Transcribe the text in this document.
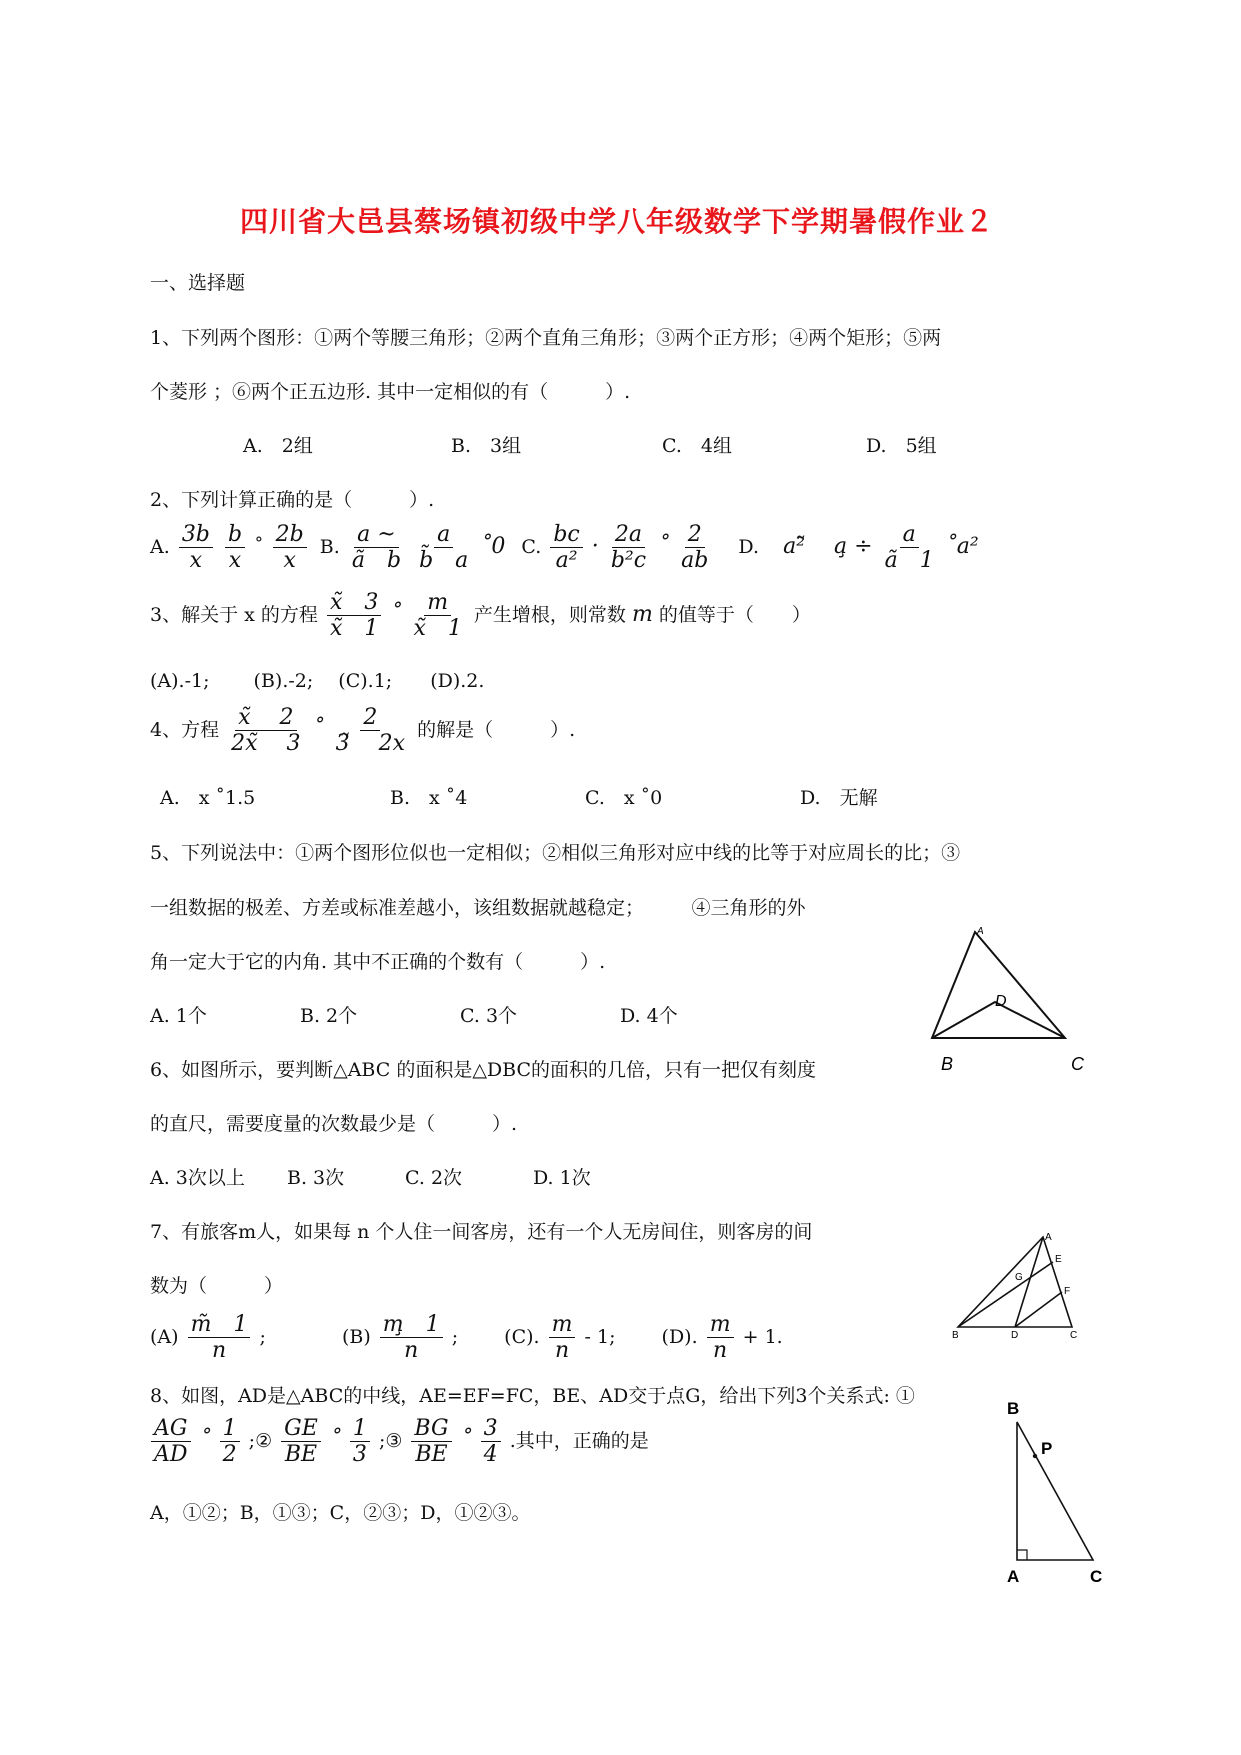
四川省大邑县蔡场镇初级中学八年级数学下学期暑假作业２
一、选择题
1、下列两个图形：①两个等腰三角形；②两个直角三角形；③两个正方形；④两个矩形；⑤两
个菱形 ；⑥两个正五边形. 其中一定相似的有（　　　）.
A.　2组	B.　3组	C.　4组	D.　5组
2、下列计算正确的是（　　　）.
A. $\frac{3b}{x}$
$\frac{b}{x}$ ˚ $\frac{2b}{x} B$. $\frac{a \sim}{\text{ã　b}}$
$\frac{a}{b̃ a}$ ˚0 C. $\frac{bc}{\text{a²}} \cdot \frac{2a}{\text{b²c}}$ ˚ $\frac{2}{ab} D$. a²̃　 a̧ ÷ $\frac{a}{ã 1}$ ˚a²
3、解关于 x 的方程 $\frac{x̃ 3}{x̃ 1}$ ˚ $\frac{m}{x̃ 1}$ 产生增根，则常数 m 的值等于（　　）
(A).-1;　　 (B).-2;　 (C).1;　　(D).2.
4、方程 $\frac{x̃ 2}{2x̃ 3}$ ˚ $\frac{2}{3̃ 2x}$ 的解是（　　　）.
A.　x ˚1.5	B.　x ˚4	C.　x ˚0	D.　无解
5、下列说法中：①两个图形位似也一定相似；②相似三角形对应中线的比等于对应周长的比；③
一组数据的极差、方差或标准差越小，该组数据就越稳定；　　　④三角形的外
角一定大于它的内角. 其中不正确的个数有（　　　）.
A. 1个	B. 2个	C. 3个	D. 4个
A
D
B	C
6、如图所示，要判断△ABC 的面积是△DBC的面积的几倍，只有一把仅有刻度
的直尺，需要度量的次数最少是（　　　）.
A. 3次以上 B. 3次	C. 2次	D. 1次
7、有旅客m人，如果每 n 个人住一间客房，还有一个人无房间住，则客房的间
数为（　　　）
$(A) \frac{m̃ 1}{n}$ ;	$(B) \frac{m̧ 1}{n}$ ; (C). $\frac{m}{n} - 1$; (D). $\frac{m}{n} + 1$.
A
E
G
F
B	D	C
8、如图，AD是△ABC的中线，AE=EF=FC，BE、AD交于点G，给出下列3个关系式: ①
$\frac{AG}{AD}$ ˚ $\frac{1}{2}$ ;② $\frac{GE}{BE}$ ˚ $\frac{1}{3}$ ;③ $\frac{BG}{BE}$ ˚ $\frac{3}{4}$ .其中，正确的是
A，①②；B，①③；C，②③；D，①②③。
B
P
A	C
